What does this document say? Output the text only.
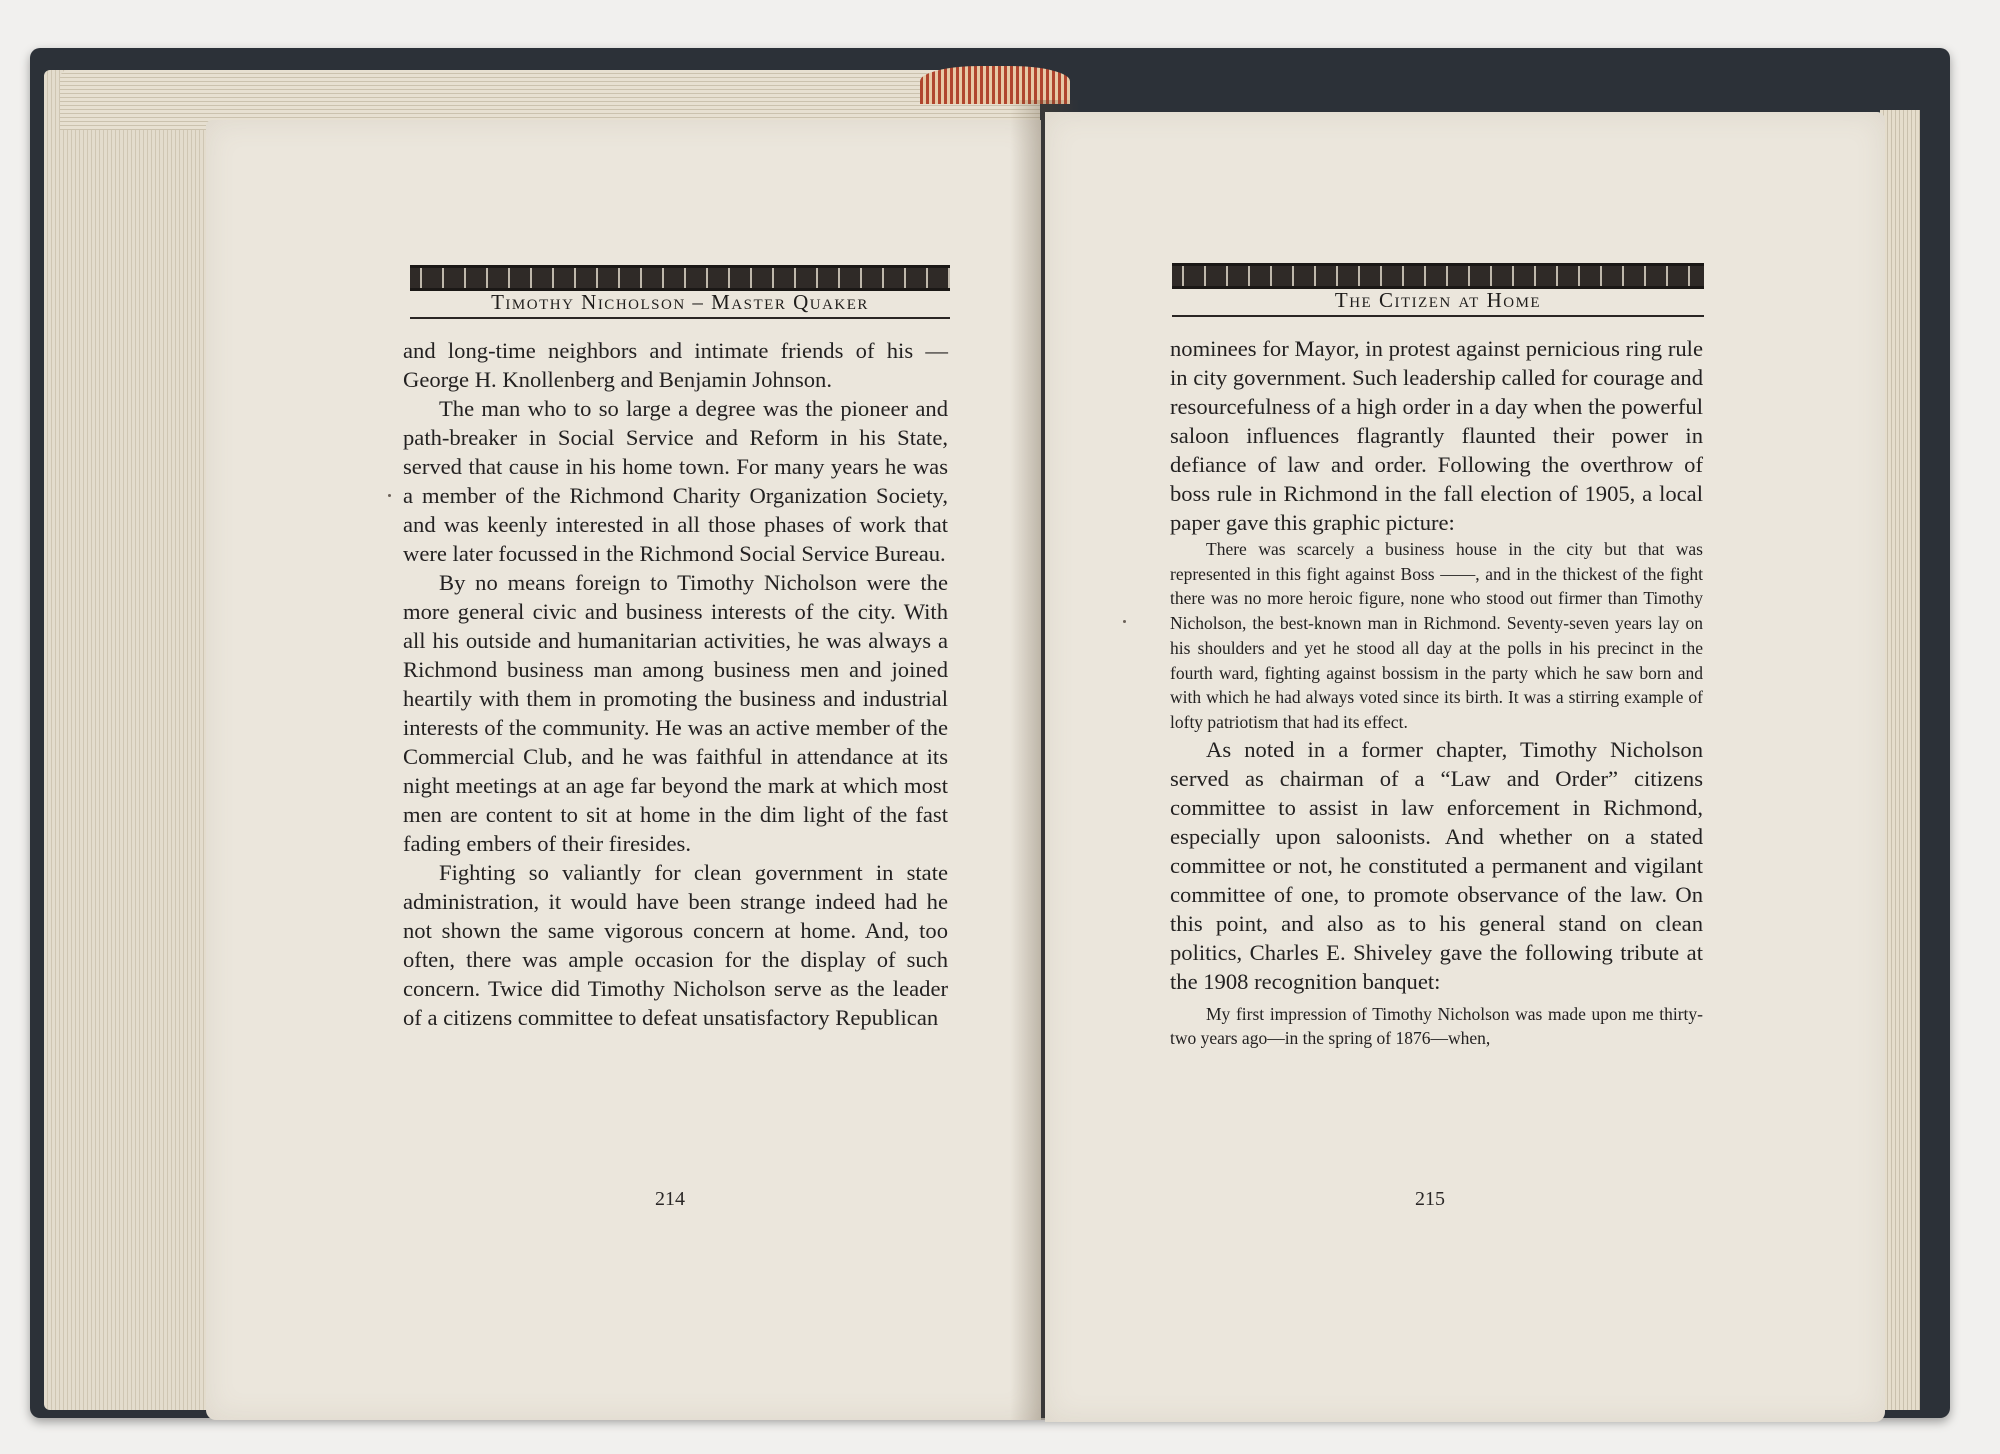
Timothy Nicholson – Master Quaker

and long-time neighbors and intimate friends of his —George H. Knollenberg and Benjamin Johnson.

The man who to so large a degree was the pioneer and path-breaker in Social Service and Reform in his State, served that cause in his home town. For many years he was a member of the Richmond Charity Organization Society, and was keenly interested in all those phases of work that were later focussed in the Richmond Social Service Bureau.

By no means foreign to Timothy Nicholson were the more general civic and business interests of the city. With all his outside and humanitarian activities, he was always a Richmond business man among business men and joined heartily with them in promoting the business and industrial interests of the community. He was an active member of the Commercial Club, and he was faithful in attendance at its night meetings at an age far beyond the mark at which most men are content to sit at home in the dim light of the fast fading embers of their firesides.

Fighting so valiantly for clean government in state administration, it would have been strange indeed had he not shown the same vigorous concern at home. And, too often, there was ample occasion for the display of such concern. Twice did Timothy Nicholson serve as the leader of a citizens committee to defeat unsatisfactory Republican

214
The Citizen at Home

nominees for Mayor, in protest against pernicious ring rule in city government. Such leadership called for courage and resourcefulness of a high order in a day when the powerful saloon influences flagrantly flaunted their power in defiance of law and order. Following the overthrow of boss rule in Richmond in the fall election of 1905, a local paper gave this graphic picture:

There was scarcely a business house in the city but that was represented in this fight against Boss ——, and in the thickest of the fight there was no more heroic figure, none who stood out firmer than Timothy Nicholson, the best-known man in Richmond. Seventy-seven years lay on his shoulders and yet he stood all day at the polls in his precinct in the fourth ward, fighting against bossism in the party which he saw born and with which he had always voted since its birth. It was a stirring example of lofty patriotism that had its effect.

As noted in a former chapter, Timothy Nicholson served as chairman of a “Law and Order” citizens committee to assist in law enforcement in Richmond, especially upon saloonists. And whether on a stated committee or not, he constituted a permanent and vigilant committee of one, to promote observance of the law. On this point, and also as to his general stand on clean politics, Charles E. Shiveley gave the following tribute at the 1908 recognition banquet:

My first impression of Timothy Nicholson was made upon me thirty-two years ago—in the spring of 1876—when,

215
